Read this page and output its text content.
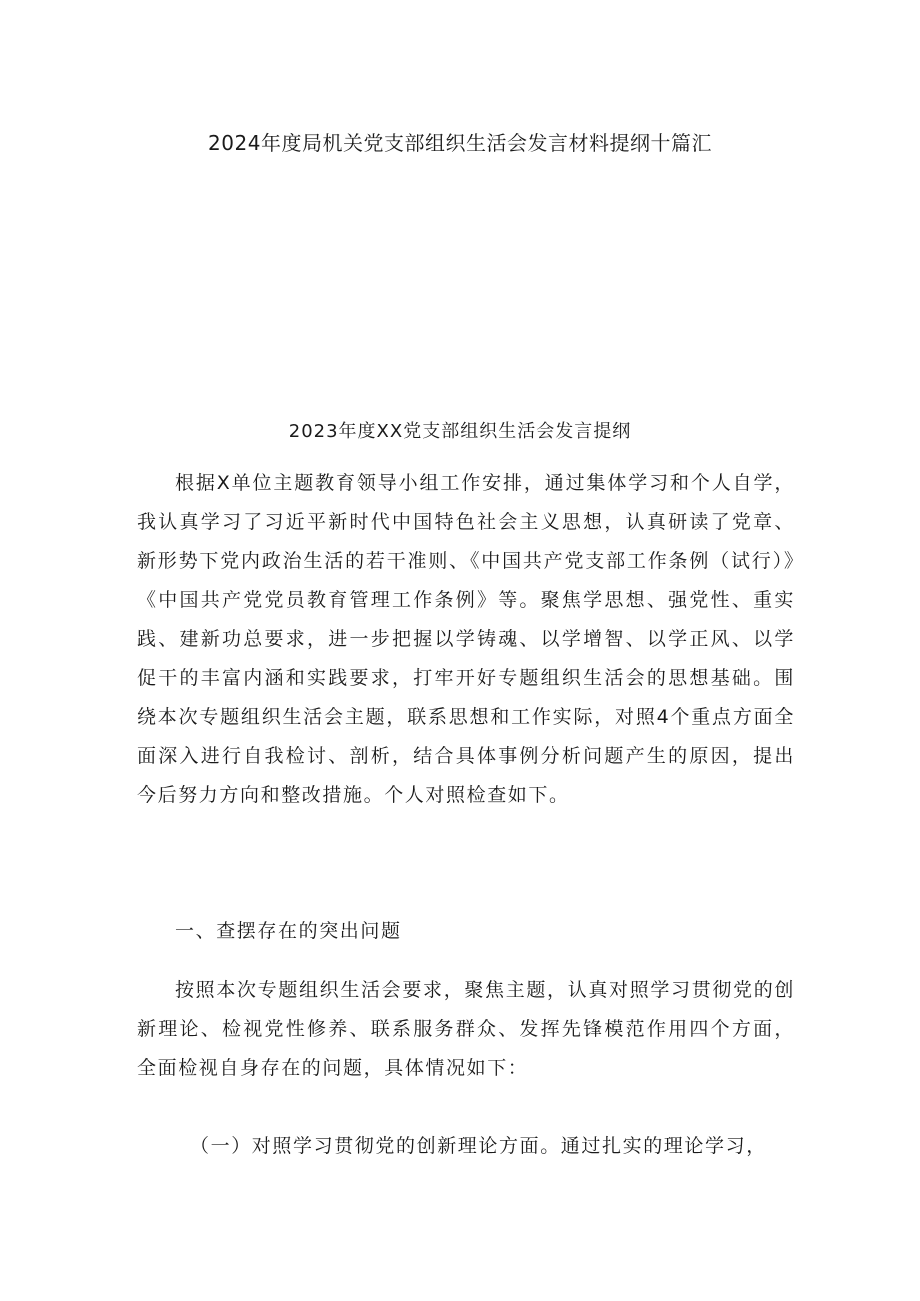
2024年度局机关党支部组织生活会发言材料提纲十篇汇
2023年度XX党支部组织生活会发言提纲

根据X单位主题教育领导小组工作安排，通过集体学习和个人自学，我认真学习了习近平新时代中国特色社会主义思想，认真研读了党章、新形势下党内政治生活的若干准则、《中国共产党支部工作条例（试行）》《中国共产党党员教育管理工作条例》等。聚焦学思想、强党性、重实践、建新功总要求，进一步把握以学铸魂、以学增智、以学正风、以学促干的丰富内涵和实践要求，打牢开好专题组织生活会的思想基础。围绕本次专题组织生活会主题，联系思想和工作实际，对照4个重点方面全面深入进行自我检讨、剖析，结合具体事例分析问题产生的原因，提出今后努力方向和整改措施。个人对照检查如下。

一、查摆存在的突出问题

按照本次专题组织生活会要求，聚焦主题，认真对照学习贯彻党的创新理论、检视党性修养、联系服务群众、发挥先锋模范作用四个方面，全面检视自身存在的问题，具体情况如下：

（一）对照学习贯彻党的创新理论方面。通过扎实的理论学习，
